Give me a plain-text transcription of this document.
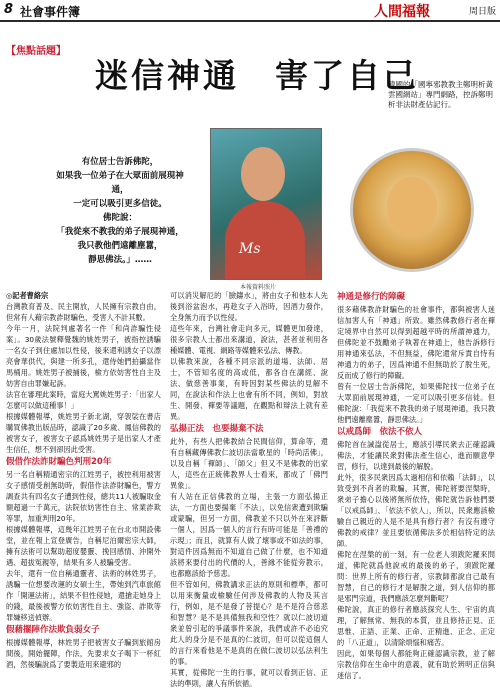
8 社會事件簿	人間福報	周日版
【焦點話題】
迷信神通　害了自己
有位居士告訴佛陀，
如果我一位弟子在大眾面前展現神通，
一定可以吸引更多信徒。
佛陀說：
「我從來不教我的弟子展現神通，
我只教他們遠離塵囂，
靜思佛法。」……
Ms
本報資料照片
韓國的「國寧邪教教主鄭明析黃雲國網站」專門網路，控訴鄭明析非法財產佔記行。

◎記者曹絡宗

台灣教育普及、民主開放，人民擁有宗教自由，但常有人藉宗教詐財騙色，受害人不計其數。

今年一月，法院判處著名一件「和尚詐騙性侵案」。30歲法號釋覺魏的姚姓男子，被指控誘騙一名女子到住處加以性侵，後來還利誘女子以漂亮會華供代，與建一所多孔，還侍她們拍攝當作馬桶用。姚姓男子被捕後，檢方依妨害性自主及妨害自由罪嫌起訴。

法官在審理此案時，當庭大罵姚姓男子：「出家人怎麼可以做這種事！」

根據媒體報導，姚姓男子新北湖，穿袈裟在書店購買佛教出版品時，認識了20多歲、鳳信佛教的被害女子，被害女子認爲姚姓男子是出家人才產生信任，想不到卻因此受害。

假借作法詐財騙色判刑20年

另一名自稱精通密宗的江姓男子，被控利用被害女子感情受創無助時，假借作法詐財騙色，警方調查共有四名女子遭到性侵，總共11人被騙取金額超過一千萬元，法院依妨害性自主、常業詐欺等罪，加重判刑20年。

根據媒體報導，這幾年江姓男子在台北市開設佛堂，並在報上宣登廣告，自稱尼泊爾密宗大師，擁有法術可以幫助超度嬰靈、挽回感情、沖開外遇、超拔冤親等，結果有多人被騙受害。

去年，還有一位自稱通靈者、法術的林姓男子，誘騙一位想要改運的女碩士生，帶她到汽車旅館作「開運法術」，結果不但性侵她，還搶走她身上的錢，最後被警方依妨害性自主、強盜、詐欺等罪嫌移送偵辦。

假藉擺陣作法欺負弱女子

根據媒體報導，林姓男子把被害女子騙到旅館房間後，開始擺陣，作法，先要求女子喝下一杯紅酒，然後騙說爲了要製造用來避邪的

可以消災解厄的「臉鑄水」，將由女子和他本人先後到浴盆泡水，再趁女子入浴時，因酒力發作，全身無力而予以性侵。

這些年來，台灣社會走向多元，媒體更加發達，很多宗教人士都出來講道，說法，甚者並利用各種媒體、電視、網路等媒體來弘法、傳教。

以佛教來說，各種不同宗派的道場、法師、居士，不管知名度的高或低，都各自在講經、說法、做慈善事業，有時因對某些佛法的見解不同，在說法和作法上也會有所不同，例如，對放生、開發、禪要等議題，在觀點和辯法上就有差異。

弘揚正法　也要揚棄不法

此外，有些人把佛教結合民間信仰，算命等，還有自稱藏傳佛教仁波切法當歌星的「時尚活佛」，以及自稱「禪師」、「師父」但又不是佛教的出家人，這些在正統佛教界人士看來，都成了「佛門異象」。

有人站在正信佛教的立場，主張一方面弘揚正法，一方面也要揚棄「不法」，以免信衆遭到欺騙或蒙騙，但另一方面，佛教並不只以外在來評斷一個人，因爲一個人的言行有時可能是「善禮的示現」；而且，就算有人做了壞事或不如法的事，對這件因爲無而不知道自己做了什麼，也不知道該將來要付出的代價的人，善緣不能從旁教示，也都應該給予慈悲。

但不管如何，佛教講求正法的原則和標準，都可以用來衡量或檢驗任何涉及佛教的人物及其言行，例如，是不是發了菩提心？是不是符合慈悲和智慧？是不是具備無我和空性？就以仁波切道衆並曾引起的爭議事件來說，我們或許不必追究此人的身分是不是真的仁波切，但可以從這個人的言行來看他是不是真的在做仁波切以弘法利生的事。

其實，從佛陀一生的行事，就可以看到正信、正法的準則，讓人有所依循。

神通是修行的障礙

很多藉佛教詐財騙色的社會事件，都與被害人迷信加害人有「神通」所致。雖然佛教修行者在禪定境界中自然可以得到超越平時的所謂神通力，但佛陀並不鼓勵弟子執著在神通上，他告訴修行用神通來弘法，不但無益，佛陀還常斥責自恃有神通力的弟子，因爲神通不但無助於了脫生死，反而成了修行的障礙。

曾有一位居士告訴佛陀，如果佛陀找一位弟子在大眾面前展現神通，一定可以吸引更多信徒。但佛陀說：「我從來不教我的弟子展現神通，我只教他們遠離塵囂，靜思佛法。」

以戒爲師　依法不依人

佛陀首在誡諡從居士，應該引導民衆去正確認識佛法，才能讓民衆對佛法產生信心，進而願意學習，修行，以達到最後的解脫。

此外，很多民衆因爲太過相信和依賴「法師」，以致受到不肖者的欺騙，其實，佛陀將要涅槃時，衆弟子擔心以後將無所依恃，佛陀就告訴他們要「以戒爲師」、「依法不依人」，所以，民衆應該檢驗自己親近的人是不是具有修行者？有沒有遵守佛教的戒律？並且要依循佛法多於相信特定的法師。

佛陀在涅槃的前一刻，有一位老人須跋陀羅來問道，佛陀就爲他說戒的最後的弟子，須跋陀羅問：世界上所有的修行者，宗教師都說自己最有智慧，自己的修行才是解脫之道，到人信仰的都是邪門宗道，我們應該怎麼判斷呢？

佛陀說，真正的修行者應該探究人生、宇宙的真理，了解無常、無我的本質，並且修持正見、正思惟、正語、正業、正命、正精進、正念、正定的「八正道」，以清除煩惱和痛苦。

因此，如果每個人都能夠正確認識宗教，並了解宗教信仰在生命中的意義，就有助於辨明正信與迷信了。
